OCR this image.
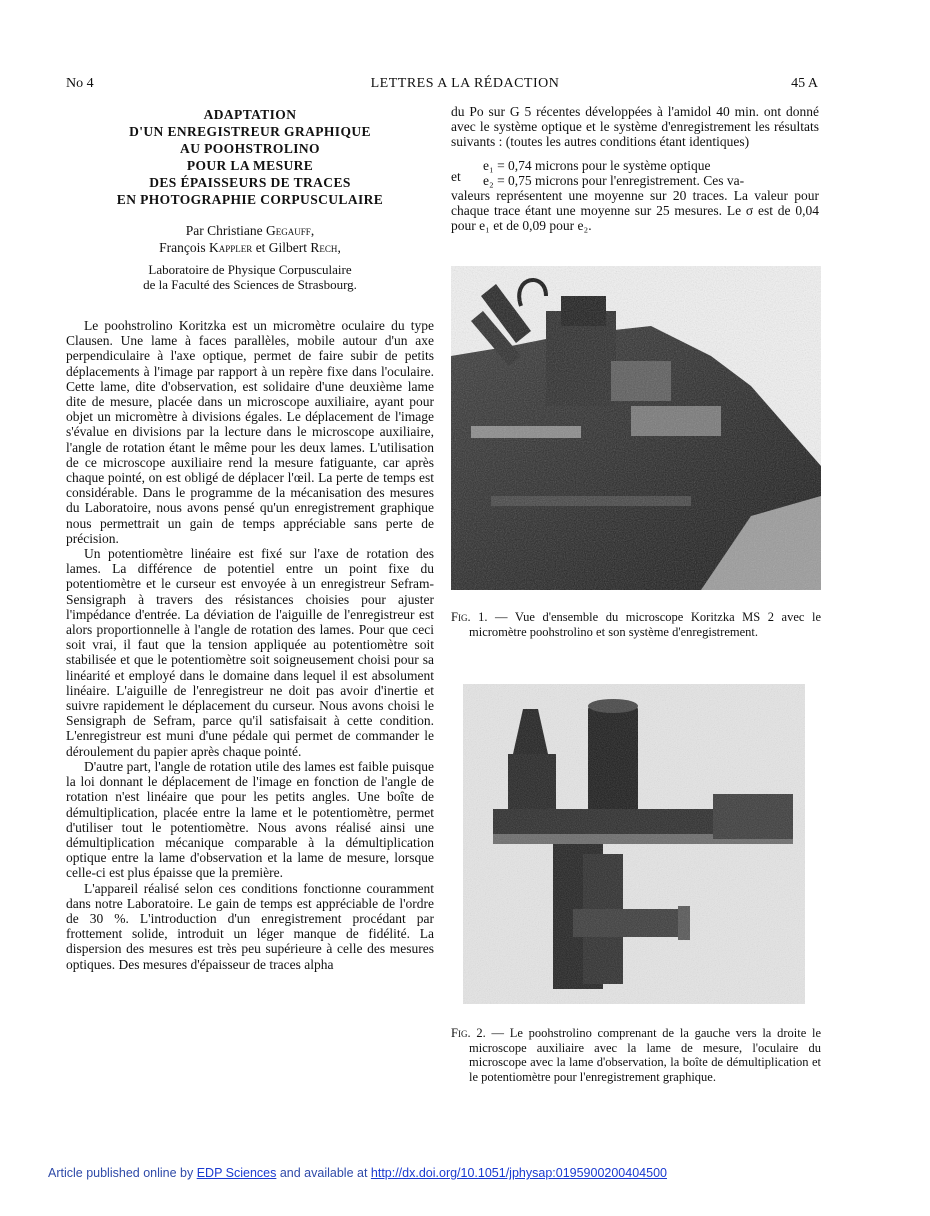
LETTRES A LA RÉDACTION
No 4	45 A
ADAPTATION
D'UN ENREGISTREUR GRAPHIQUE
AU POOHSTROLINO
POUR LA MESURE
DES ÉPAISSEURS DE TRACES
EN PHOTOGRAPHIE CORPUSCULAIRE
Par Christiane Gegauff,
François Kappler et Gilbert Rech,
Laboratoire de Physique Corpusculaire
de la Faculté des Sciences de Strasbourg.

Le poohstrolino Koritzka est un micromètre oculaire du type Clausen. Une lame à faces parallèles, mobile autour d'un axe perpendiculaire à l'axe optique, permet de faire subir de petits déplacements à l'image par rapport à un repère fixe dans l'oculaire. Cette lame, dite d'observation, est solidaire d'une deuxième lame dite de mesure, placée dans un microscope auxiliaire, ayant pour objet un micromètre à divisions égales. Le déplacement de l'image s'évalue en divisions par la lecture dans le microscope auxiliaire, l'angle de rotation étant le même pour les deux lames. L'utilisation de ce microscope auxiliaire rend la mesure fatiguante, car après chaque pointé, on est obligé de déplacer l'œil. La perte de temps est considérable. Dans le programme de la mécanisation des mesures du Laboratoire, nous avons pensé qu'un enregistrement graphique nous permettrait un gain de temps appréciable sans perte de précision.

Un potentiomètre linéaire est fixé sur l'axe de rotation des lames. La différence de potentiel entre un point fixe du potentiomètre et le curseur est envoyée à un enregistreur Sefram-Sensigraph à travers des résistances choisies pour ajuster l'impédance d'entrée. La déviation de l'aiguille de l'enregistreur est alors proportionnelle à l'angle de rotation des lames. Pour que ceci soit vrai, il faut que la tension appliquée au potentiomètre soit stabilisée et que le potentiomètre soit soigneusement choisi pour sa linéarité et employé dans le domaine dans lequel il est absolument linéaire. L'aiguille de l'enregistreur ne doit pas avoir d'inertie et suivre rapidement le déplacement du curseur. Nous avons choisi le Sensigraph de Sefram, parce qu'il satisfaisait à cette condition. L'enregistreur est muni d'une pédale qui permet de commander le déroulement du papier après chaque pointé.

D'autre part, l'angle de rotation utile des lames est faible puisque la loi donnant le déplacement de l'image en fonction de l'angle de rotation n'est linéaire que pour les petits angles. Une boîte de démultiplication, placée entre la lame et le potentiomètre, permet d'utiliser tout le potentiomètre. Nous avons réalisé ainsi une démultiplication mécanique comparable à la démultiplication optique entre la lame d'observation et la lame de mesure, lorsque celle-ci est plus épaisse que la première.

L'appareil réalisé selon ces conditions fonctionne couramment dans notre Laboratoire. Le gain de temps est appréciable de l'ordre de 30 %. L'introduction d'un enregistrement procédant par frottement solide, introduit un léger manque de fidélité. La dispersion des mesures est très peu supérieure à celle des mesures optiques. Des mesures d'épaisseur de traces alpha

du Po sur G 5 récentes développées à l'amidol 40 min. ont donné avec le système optique et le système d'enregistrement les résultats suivants : (toutes les autres conditions étant identiques)

et
e₁ = 0,74 microns pour le système optique
e₂ = 0,75 microns pour l'enregistrement. Ces va-

valeurs représentent une moyenne sur 20 traces. La valeur pour chaque trace étant une moyenne sur 25 mesures. Le σ est de 0,04 pour e₁ et de 0,09 pour e₂.

Fig. 1. — Vue d'ensemble du microscope Koritzka MS 2 avec le micromètre poohstrolino et son système d'enregistrement.
Fig. 2. — Le poohstrolino comprenant de la gauche vers la droite le microscope auxiliaire avec la lame de mesure, l'oculaire du microscope avec la lame d'observation, la boîte de démultiplication et le potentiomètre pour l'enregistrement graphique.
Article published online by EDP Sciences and available at http://dx.doi.org/10.1051/jphysap:0195900200404500
